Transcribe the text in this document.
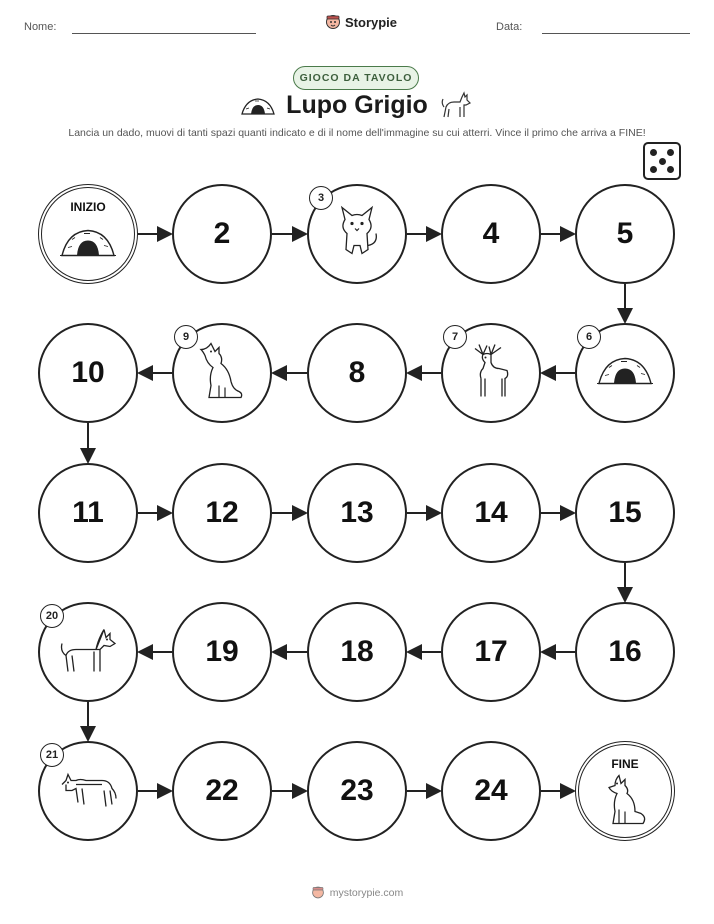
Nome:	Storypie	Data:
GIOCO DA TAVOLO
Lupo Grigio
Lancia un dado, muovi di tanti spazi quanti indicato e di il nome dell'immagine su cui atterri. Vince il primo che arriva a FINE!
INIZIO
2
3
4	5
6
7
8
9
10
11	12	13	14	15
16
17
18
19
20
21
22	23	24
FINE
mystorypie.com
